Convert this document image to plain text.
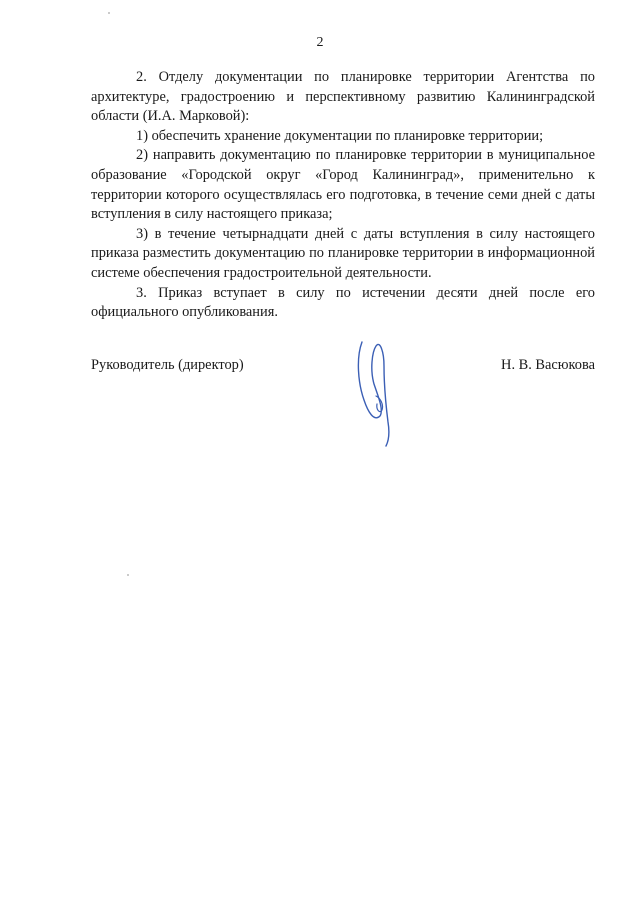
2

2. Отделу документации по планировке территории Агентства по архитектуре, градостроению и перспективному развитию Калининградской области (И.А. Марковой):

1) обеспечить хранение документации по планировке территории;

2) направить документацию по планировке территории в муниципальное образование «Городской округ «Город Калининград», применительно к территории которого осуществлялась его подготовка, в течение семи дней с даты вступления в силу настоящего приказа;

3) в течение четырнадцати дней с даты вступления в силу настоящего приказа разместить документацию по планировке территории в информационной системе обеспечения градостроительной деятельности.

3. Приказ вступает в силу по истечении десяти дней после его официального опубликования.

Руководитель (директор)	Н. В. Васюкова
